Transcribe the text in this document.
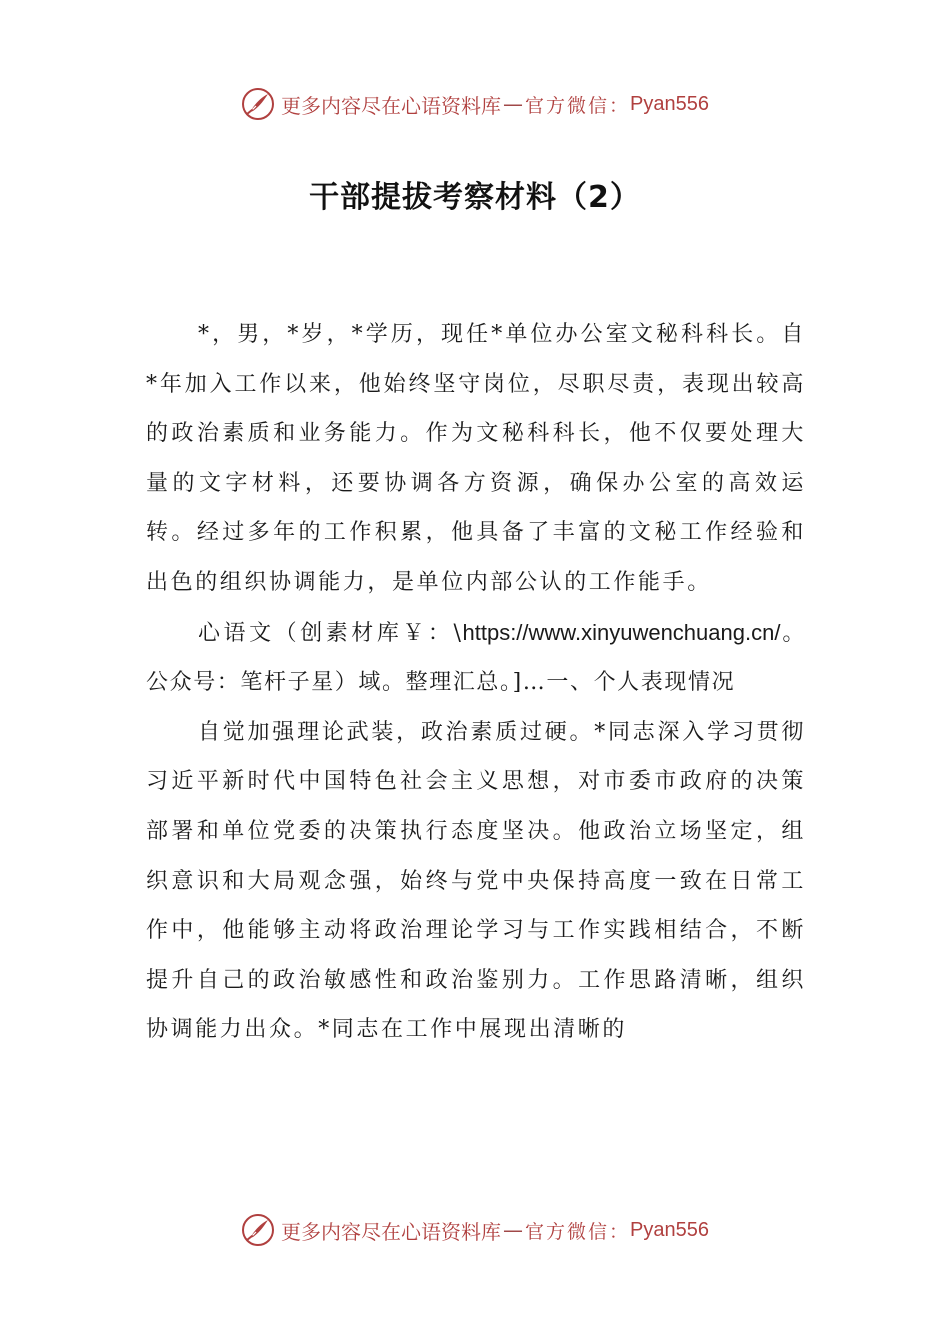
更多内容尽在心语资料库 — 官方微信： Pyan556
干部提拔考察材料（2）

*，男，*岁，*学历，现任*单位办公室文秘科科长。自*年加入工作以来，他始终坚守岗位，尽职尽责，表现出较高的政治素质和业务能力。作为文秘科科长，他不仅要处理大量的文字材料，还要协调各方资源，确保办公室的高效运转。经过多年的工作积累，他具备了丰富的文秘工作经验和出色的组织协调能力，是单位内部公认的工作能手。

心语文（创素材库￥：\https://www.xinyuwenchuang.cn/。公众号：笔杆子星）域。整理汇总。]…一、个人表现情况

自觉加强理论武装，政治素质过硬。*同志深入学习贯彻习近平新时代中国特色社会主义思想，对市委市政府的决策部署和单位党委的决策执行态度坚决。他政治立场坚定，组织意识和大局观念强，始终与党中央保持高度一致在日常工作中，他能够主动将政治理论学习与工作实践相结合，不断提升自己的政治敏感性和政治鉴别力。工作思路清晰，组织协调能力出众。*同志在工作中展现出清晰的

更多内容尽在心语资料库 — 官方微信： Pyan556
